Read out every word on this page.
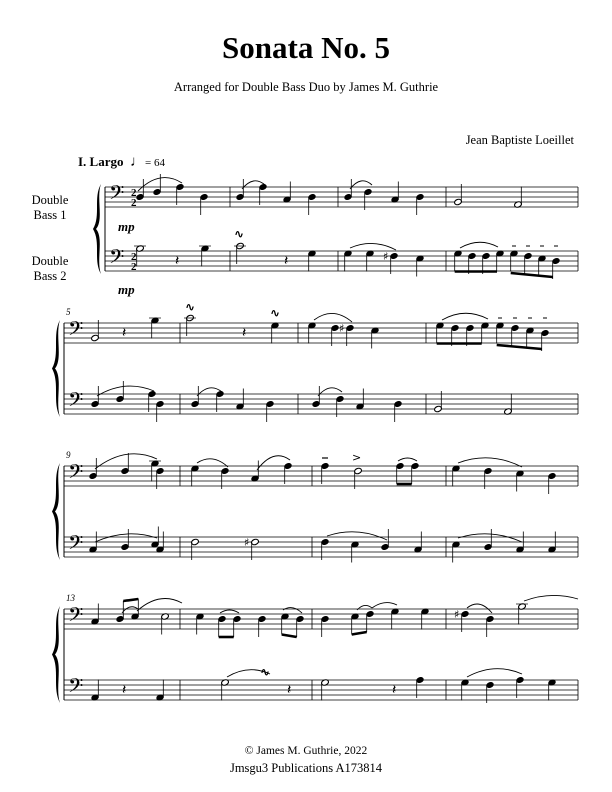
Sonata No. 5
Arranged for Double Bass Duo by James M. Guthrie
Jean Baptiste Loeillet
I. Largo ♩= 64
Double
Bass 1
Double
Bass 2
𝄢
𝄢
2
2
2
2
mp
mp
𝄢
𝄢
5
𝄢
𝄢
9
𝄢
𝄢
13
𝄽
∿
𝄽	♯
𝄽
∿
𝄽
∿
♯
>
♯
♯
𝄽
∿
𝄽	𝄽
© James M. Guthrie, 2022
Jmsgu3 Publications A173814
